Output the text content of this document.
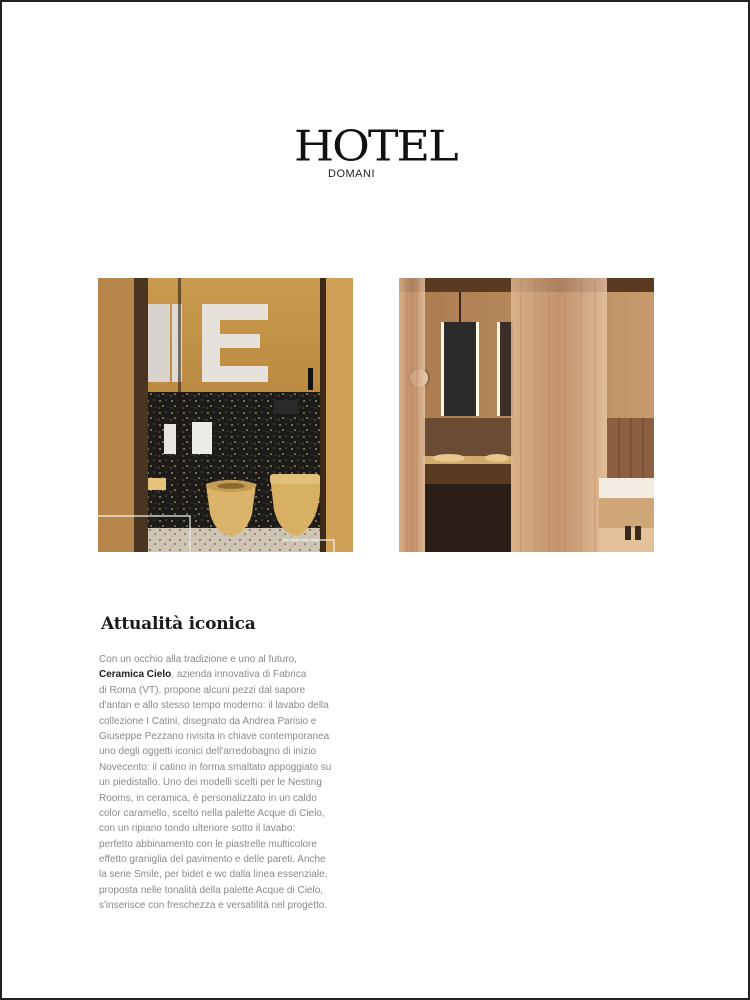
HOTEL
DOMANI
Attualità iconica
Con un occhio alla tradizione e uno al futuro,
Ceramica Cielo, azienda innovativa di Fabrica
di Roma (VT), propone alcuni pezzi dal sapore
d'antan e allo stesso tempo moderno: il lavabo della
collezione I Catini, disegnato da Andrea Parisio e
Giuseppe Pezzano rivisita in chiave contemporanea
uno degli oggetti iconici dell'arredobagno di inizio
Novecento: il catino in forma smaltato appoggiato su
un piedistallo. Uno dei modelli scelti per le Nesting
Rooms, in ceramica, è personalizzato in un caldo
color caramello, scelto nella palette Acque di Cielo,
con un ripiano tondo ulteriore sotto il lavabo:
perfetto abbinamento con le piastrelle multicolore
effetto graniglia del pavimento e delle pareti. Anche
la serie Smile, per bidet e wc dalla linea essenziale,
proposta nelle tonalità della palette Acque di Cielo,
s'inserisce con freschezza e versatilità nel progetto.
